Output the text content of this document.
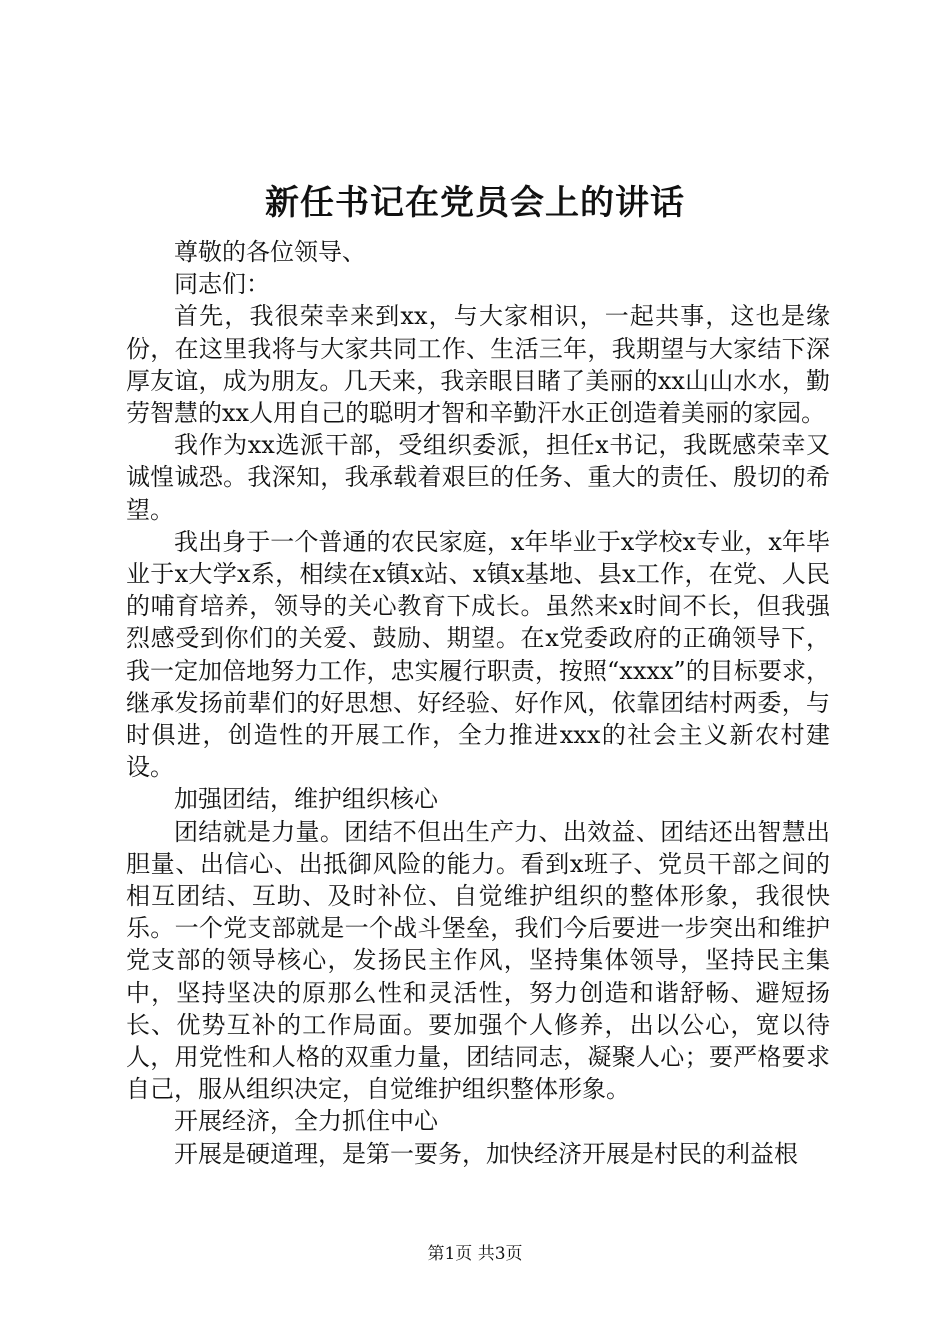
新任书记在党员会上的讲话

尊敬的各位领导、

同志们：

首先，我很荣幸来到xx，与大家相识，一起共事，这也是缘份，在这里我将与大家共同工作、生活三年，我期望与大家结下深厚友谊，成为朋友。几天来，我亲眼目睹了美丽的xx山山水水，勤劳智慧的xx人用自己的聪明才智和辛勤汗水正创造着美丽的家园。

我作为xx选派干部，受组织委派，担任x书记，我既感荣幸又诚惶诚恐。我深知，我承载着艰巨的任务、重大的责任、殷切的希望。

我出身于一个普通的农民家庭，x年毕业于x学校x专业，x年毕业于x大学x系，相续在x镇x站、x镇x基地、县x工作，在党、人民的哺育培养，领导的关心教育下成长。虽然来x时间不长，但我强烈感受到你们的关爱、鼓励、期望。在x党委政府的正确领导下，我一定加倍地努力工作，忠实履行职责，按照“xxxx”的目标要求，继承发扬前辈们的好思想、好经验、好作风，依靠团结村两委，与时俱进，创造性的开展工作，全力推进xxx的社会主义新农村建设。

加强团结，维护组织核心

团结就是力量。团结不但出生产力、出效益、团结还出智慧出胆量、出信心、出抵御风险的能力。看到x班子、党员干部之间的相互团结、互助、及时补位、自觉维护组织的整体形象，我很快乐。一个党支部就是一个战斗堡垒，我们今后要进一步突出和维护党支部的领导核心，发扬民主作风，坚持集体领导，坚持民主集中，坚持坚决的原那么性和灵活性，努力创造和谐舒畅、避短扬长、优势互补的工作局面。要加强个人修养，出以公心，宽以待人，用党性和人格的双重力量，团结同志，凝聚人心；要严格要求自己，服从组织决定，自觉维护组织整体形象。

开展经济，全力抓住中心

开展是硬道理，是第一要务，加快经济开展是村民的利益根

第1页 共3页
